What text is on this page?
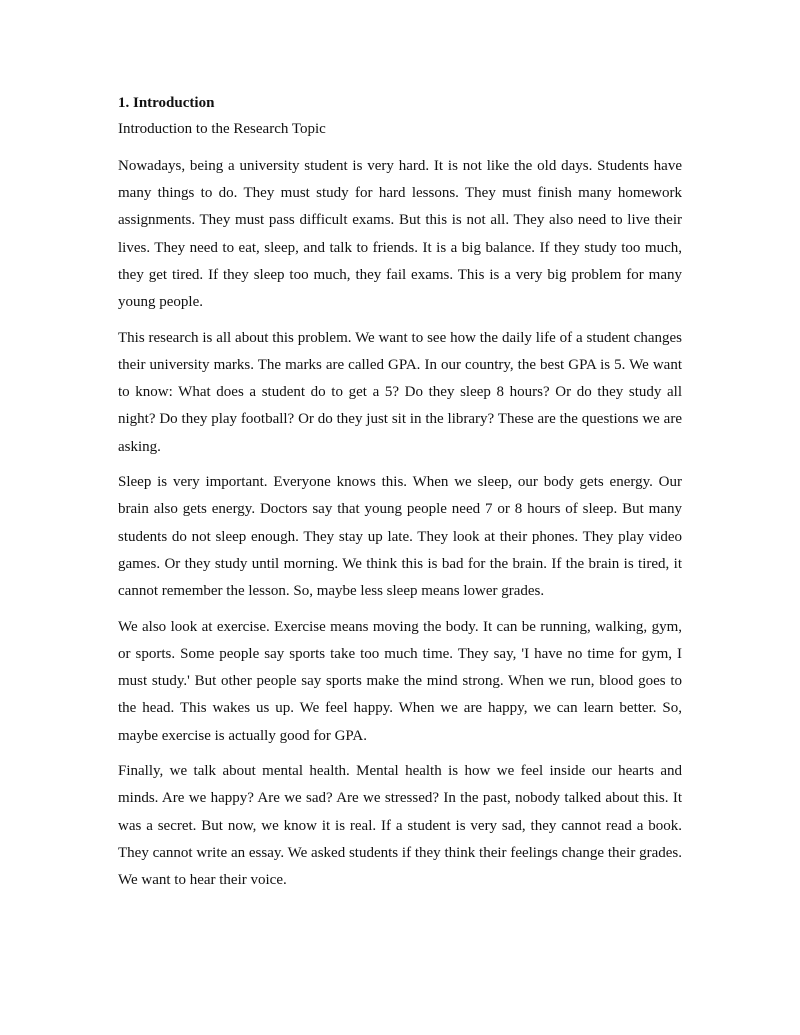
1. Introduction

Introduction to the Research Topic

Nowadays, being a university student is very hard. It is not like the old days. Students have many things to do. They must study for hard lessons. They must finish many homework assignments. They must pass difficult exams. But this is not all. They also need to live their lives. They need to eat, sleep, and talk to friends. It is a big balance. If they study too much, they get tired. If they sleep too much, they fail exams. This is a very big problem for many young people.

This research is all about this problem. We want to see how the daily life of a student changes their university marks. The marks are called GPA. In our country, the best GPA is 5. We want to know: What does a student do to get a 5? Do they sleep 8 hours? Or do they study all night? Do they play football? Or do they just sit in the library? These are the questions we are asking.

Sleep is very important. Everyone knows this. When we sleep, our body gets energy. Our brain also gets energy. Doctors say that young people need 7 or 8 hours of sleep. But many students do not sleep enough. They stay up late. They look at their phones. They play video games. Or they study until morning. We think this is bad for the brain. If the brain is tired, it cannot remember the lesson. So, maybe less sleep means lower grades.

We also look at exercise. Exercise means moving the body. It can be running, walking, gym, or sports. Some people say sports take too much time. They say, 'I have no time for gym, I must study.' But other people say sports make the mind strong. When we run, blood goes to the head. This wakes us up. We feel happy. When we are happy, we can learn better. So, maybe exercise is actually good for GPA.

Finally, we talk about mental health. Mental health is how we feel inside our hearts and minds. Are we happy? Are we sad? Are we stressed? In the past, nobody talked about this. It was a secret. But now, we know it is real. If a student is very sad, they cannot read a book. They cannot write an essay. We asked students if they think their feelings change their grades. We want to hear their voice.
